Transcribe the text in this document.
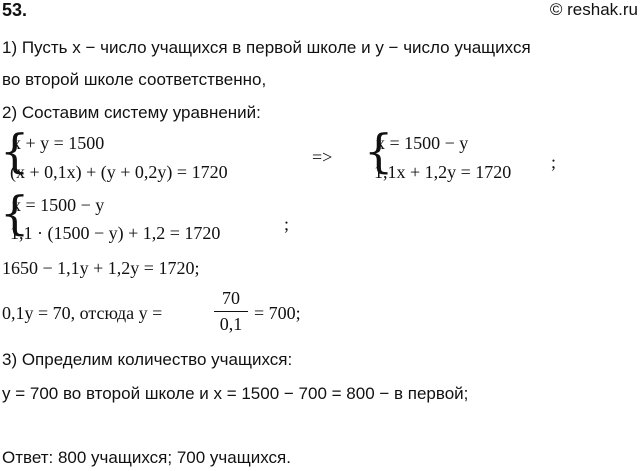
53.	© reshak.ru
1) Пусть x − число учащихся в первой школе и y − число учащихся
во второй школе соответственно,
2) Составим систему уравнений:
{
x + y = 1500
(x + 0,1x) + (y + 0,2y) = 1720
=> {
x = 1500 − y
1,1x + 1,2y = 1720 ;
{
x = 1500 − y
1,1 · (1500 − y) + 1,2 = 1720	;
1650 − 1,1y + 1,2y = 1720;
0,1y = 70, отсюда y =
70
0,1
= 700;
3) Определим количество учащихся:
y = 700 во второй школе и x = 1500 − 700 = 800 − в первой;
Ответ: 800 учащихся; 700 учащихся.
